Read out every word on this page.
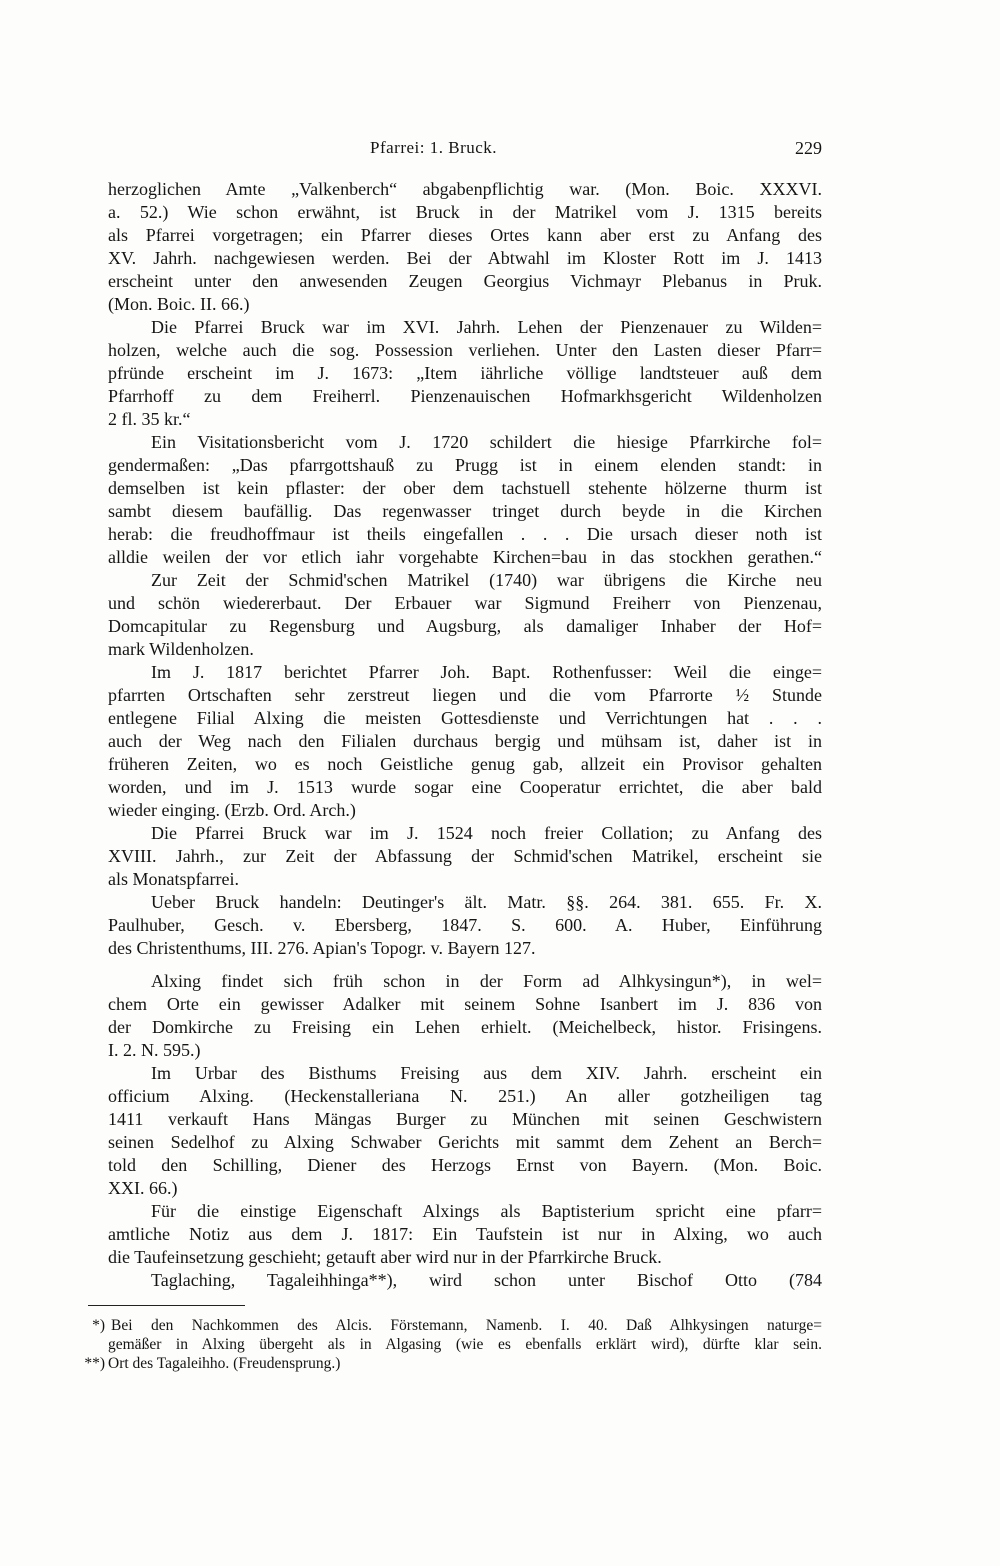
Pfarrei: 1. Bruck.	229
herzoglichen Amte „Valkenberch“ abgabenpflichtig war. (Mon. Boic. XXXVI.
a. 52.) Wie schon erwähnt, ist Bruck in der Matrikel vom J. 1315 bereits
als Pfarrei vorgetragen; ein Pfarrer dieses Ortes kann aber erst zu Anfang des
XV. Jahrh. nachgewiesen werden. Bei der Abtwahl im Kloster Rott im J. 1413
erscheint unter den anwesenden Zeugen Georgius Vichmayr Plebanus in Pruk.
(Mon. Boic. II. 66.)
Die Pfarrei Bruck war im XVI. Jahrh. Lehen der Pienzenauer zu Wilden=
holzen, welche auch die sog. Possession verliehen. Unter den Lasten dieser Pfarr=
pfründe erscheint im J. 1673: „Item iährliche völlige landtsteuer auß dem
Pfarrhoff zu dem Freiherrl. Pienzenauischen Hofmarkhsgericht Wildenholzen
2 fl. 35 kr.“
Ein Visitationsbericht vom J. 1720 schildert die hiesige Pfarrkirche fol=
gendermaßen: „Das pfarrgottshauß zu Prugg ist in einem elenden standt: in
demselben ist kein pflaster: der ober dem tachstuell stehente hölzerne thurm ist
sambt diesem baufällig. Das regenwasser tringet durch beyde in die Kirchen
herab: die freudhoffmaur ist theils eingefallen . . . Die ursach dieser noth ist
alldie weilen der vor etlich iahr vorgehabte Kirchen=bau in das stockhen gerathen.“
Zur Zeit der Schmid'schen Matrikel (1740) war übrigens die Kirche neu
und schön wiedererbaut. Der Erbauer war Sigmund Freiherr von Pienzenau,
Domcapitular zu Regensburg und Augsburg, als damaliger Inhaber der Hof=
mark Wildenholzen.
Im J. 1817 berichtet Pfarrer Joh. Bapt. Rothenfusser: Weil die einge=
pfarrten Ortschaften sehr zerstreut liegen und die vom Pfarrorte ½ Stunde
entlegene Filial Alxing die meisten Gottesdienste und Verrichtungen hat . . .
auch der Weg nach den Filialen durchaus bergig und mühsam ist, daher ist in
früheren Zeiten, wo es noch Geistliche genug gab, allzeit ein Provisor gehalten
worden, und im J. 1513 wurde sogar eine Cooperatur errichtet, die aber bald
wieder einging. (Erzb. Ord. Arch.)
Die Pfarrei Bruck war im J. 1524 noch freier Collation; zu Anfang des
XVIII. Jahrh., zur Zeit der Abfassung der Schmid'schen Matrikel, erscheint sie
als Monatspfarrei.
Ueber Bruck handeln: Deutinger's ält. Matr. §§. 264. 381. 655. Fr. X.
Paulhuber, Gesch. v. Ebersberg, 1847. S. 600. A. Huber, Einführung
des Christenthums, III. 276. Apian's Topogr. v. Bayern 127.
Alxing findet sich früh schon in der Form ad Alhkysingun*), in wel=
chem Orte ein gewisser Adalker mit seinem Sohne Isanbert im J. 836 von
der Domkirche zu Freising ein Lehen erhielt. (Meichelbeck, histor. Frisingens.
I. 2. N. 595.)
Im Urbar des Bisthums Freising aus dem XIV. Jahrh. erscheint ein
officium Alxing. (Heckenstalleriana N. 251.) An aller gotzheiligen tag
1411 verkauft Hans Mängas Burger zu München mit seinen Geschwistern
seinen Sedelhof zu Alxing Schwaber Gerichts mit sammt dem Zehent an Berch=
told den Schilling, Diener des Herzogs Ernst von Bayern. (Mon. Boic.
XXI. 66.)
Für die einstige Eigenschaft Alxings als Baptisterium spricht eine pfarr=
amtliche Notiz aus dem J. 1817: Ein Taufstein ist nur in Alxing, wo auch
die Taufeinsetzung geschieht; getauft aber wird nur in der Pfarrkirche Bruck.
Taglaching, Tagaleihhinga**), wird schon unter Bischof Otto (784
*) Bei den Nachkommen des Alcis. Förstemann, Namenb. I. 40. Daß Alhkysingen naturge=
gemäßer in Alxing übergeht als in Algasing (wie es ebenfalls erklärt wird), dürfte klar sein.
**) Ort des Tagaleihho. (Freudensprung.)
